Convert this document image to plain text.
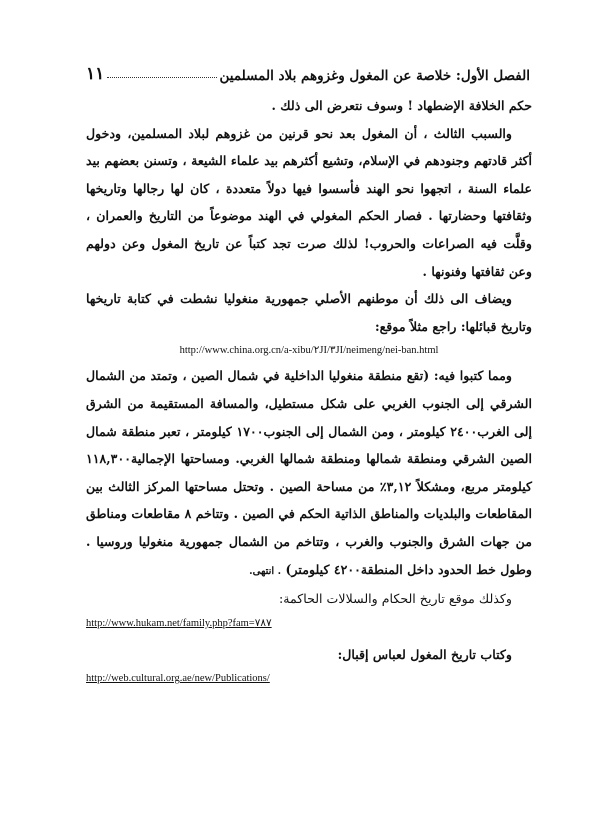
الفصل الأول: خلاصة عن المغول وغزوهم بلاد المسلمين
١١

حكم الخلافة الإضطهاد ! وسوف نتعرض الى ذلك .

والسبب الثالث ، أن المغول بعد نحو قرنين من غزوهم لبلاد المسلمين، ودخول أكثر قادتهم وجنودهم في الإسلام، وتشيع أكثرهم بيد علماء الشيعة ، وتسنن بعضهم بيد علماء السنة ، اتجهوا نحو الهند فأسسوا فيها دولاً متعددة ، كان لها رجالها وتاريخها وثقافتها وحضارتها . فصار الحكم المغولي في الهند موضوعاً من التاريخ والعمران ، وقلَّت فيه الصراعات والحروب! لذلك صرت تجد كتباً عن تاريخ المغول وعن دولهم وعن ثقافتها وفنونها .

ويضاف الى ذلك أن موطنهم الأصلي جمهورية منغوليا نشطت في كتابة تاريخها وتاريخ قبائلها: راجع مثلاً موقع:

http://www.china.org.cn/a-xibu/٢JI/٣JI/neimeng/nei-ban.html

ومما كتبوا فيه: (تقع منطقة منغوليا الداخلية في شمال الصين ، وتمتد من الشمال الشرقي إلى الجنوب الغربي على شكل مستطيل، والمسافة المستقيمة من الشرق إلى الغرب٢٤٠٠ كيلومتر ، ومن الشمال إلى الجنوب١٧٠٠ كيلومتر ، تعبر منطقة شمال الصين الشرقي ومنطقة شمالها ومنطقة شمالها الغربي. ومساحتها الإجمالية١١٨,٣٠٠ كيلومتر مربع، ومشكلاً ٣,١٢٪ من مساحة الصين . وتحتل مساحتها المركز الثالث بين المقاطعات والبلديات والمناطق الذاتية الحكم في الصين . وتتاخم ٨ مقاطعات ومناطق من جهات الشرق والجنوب والغرب ، وتتاخم من الشمال جمهورية منغوليا وروسيا . وطول خط الحدود داخل المنطقة٤٢٠٠ كيلومتر) . انتهى.

وكذلك موقع تاريخ الحكام والسلالات الحاكمة:

http://www.hukam.net/family.php?fam=٧٨٧

وكتاب تاريخ المغول لعباس إقبال:

http://web.cultural.org.ae/new/Publications/
